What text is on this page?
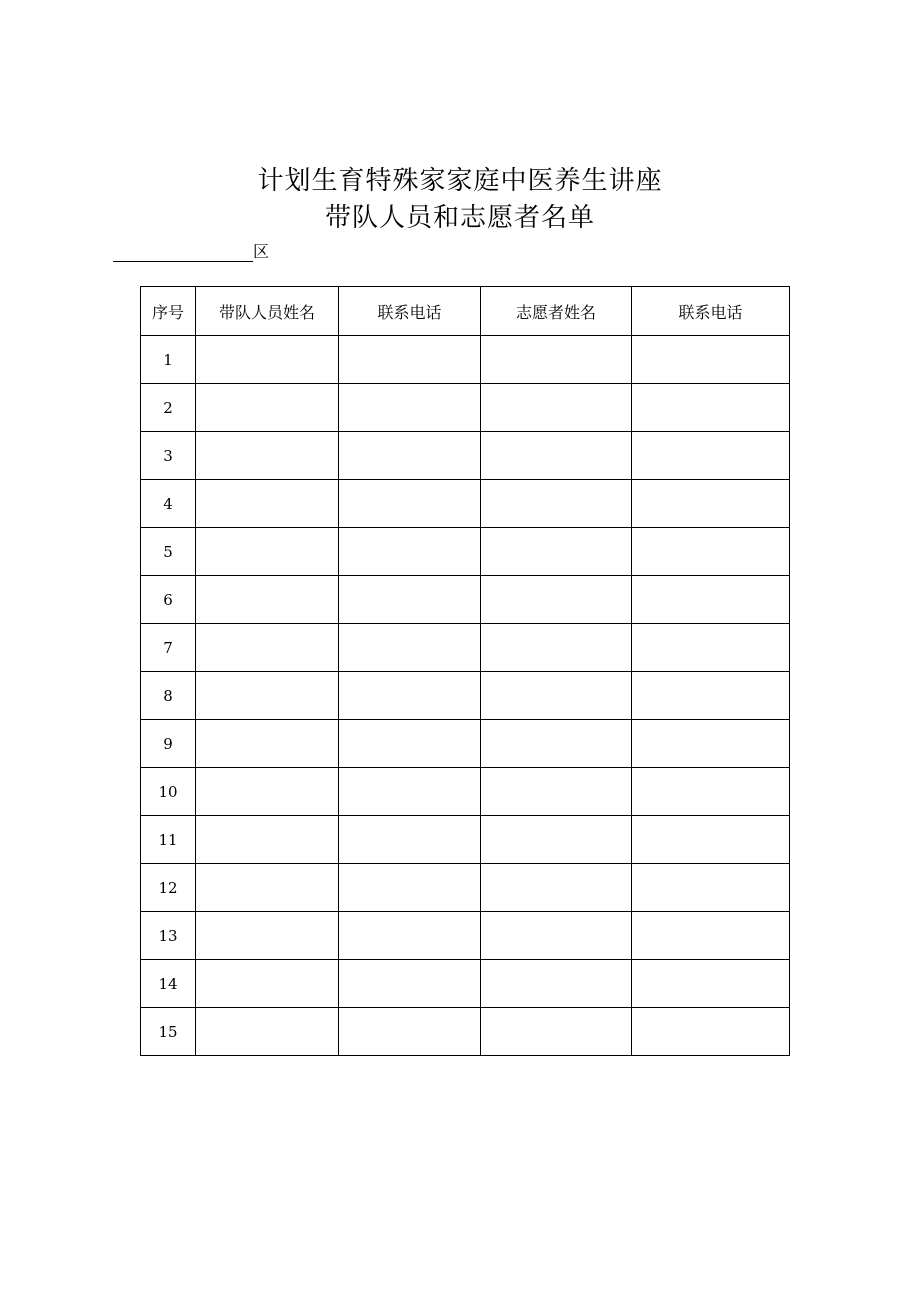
计划生育特殊家家庭中医养生讲座
带队人员和志愿者名单
区
序号	带队人员姓名	联系电话	志愿者姓名	联系电话
1				
2				
3				
4				
5				
6				
7				
8				
9				
10				
11				
12				
13				
14				
15				
